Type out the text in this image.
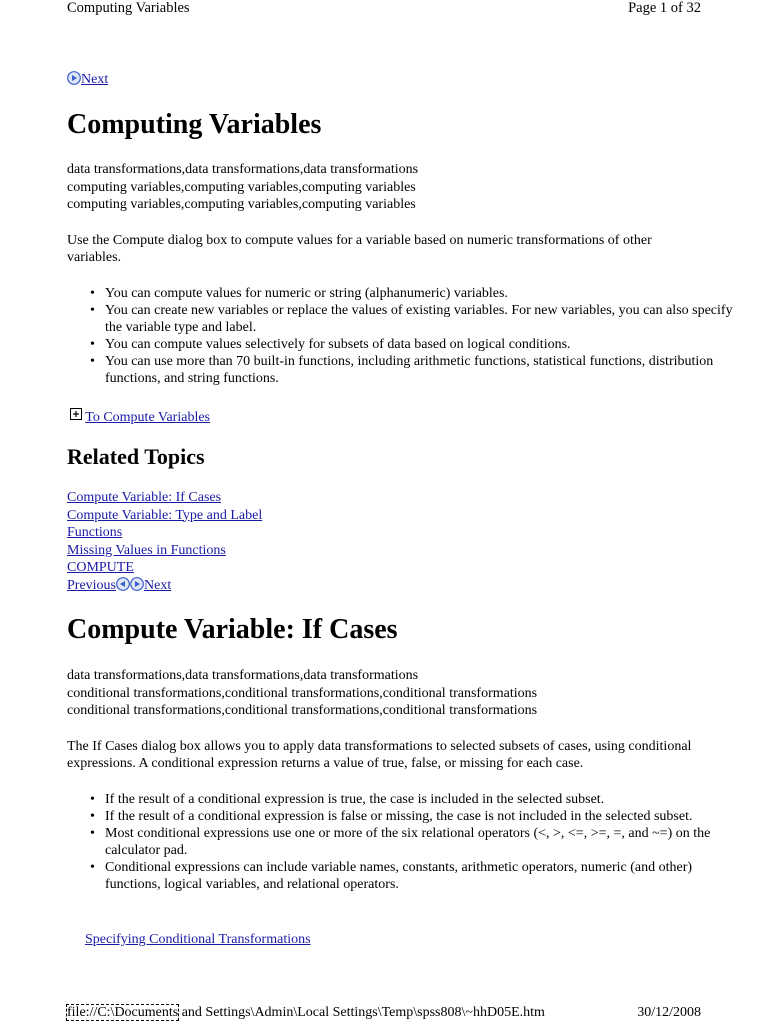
Computing Variables	Page 1 of 32
Next
Computing Variables
data transformations,data transformations,data transformations
computing variables,computing variables,computing variables
computing variables,computing variables,computing variables
Use the Compute dialog box to compute values for a variable based on numeric transformations of other variables.
• You can compute values for numeric or string (alphanumeric) variables.
• You can create new variables or replace the values of existing variables. For new variables, you can also specify the variable type and label.
• You can compute values selectively for subsets of data based on logical conditions.
• You can use more than 70 built-in functions, including arithmetic functions, statistical functions, distribution functions, and string functions.
To Compute Variables
Related Topics
Compute Variable: If Cases
Compute Variable: Type and Label
Functions
Missing Values in Functions
COMPUTE
Previous Next
Compute Variable: If Cases
data transformations,data transformations,data transformations
conditional transformations,conditional transformations,conditional transformations
conditional transformations,conditional transformations,conditional transformations
The If Cases dialog box allows you to apply data transformations to selected subsets of cases, using conditional expressions. A conditional expression returns a value of true, false, or missing for each case.
• If the result of a conditional expression is true, the case is included in the selected subset.
• If the result of a conditional expression is false or missing, the case is not included in the selected subset.
• Most conditional expressions use one or more of the six relational operators (<, >, <=, >=, =, and ~=) on the calculator pad.
• Conditional expressions can include variable names, constants, arithmetic operators, numeric (and other) functions, logical variables, and relational operators.
Specifying Conditional Transformations
file://C:\Documents and Settings\Admin\Local Settings\Temp\spss808\~hhD05E.htm	30/12/2008
